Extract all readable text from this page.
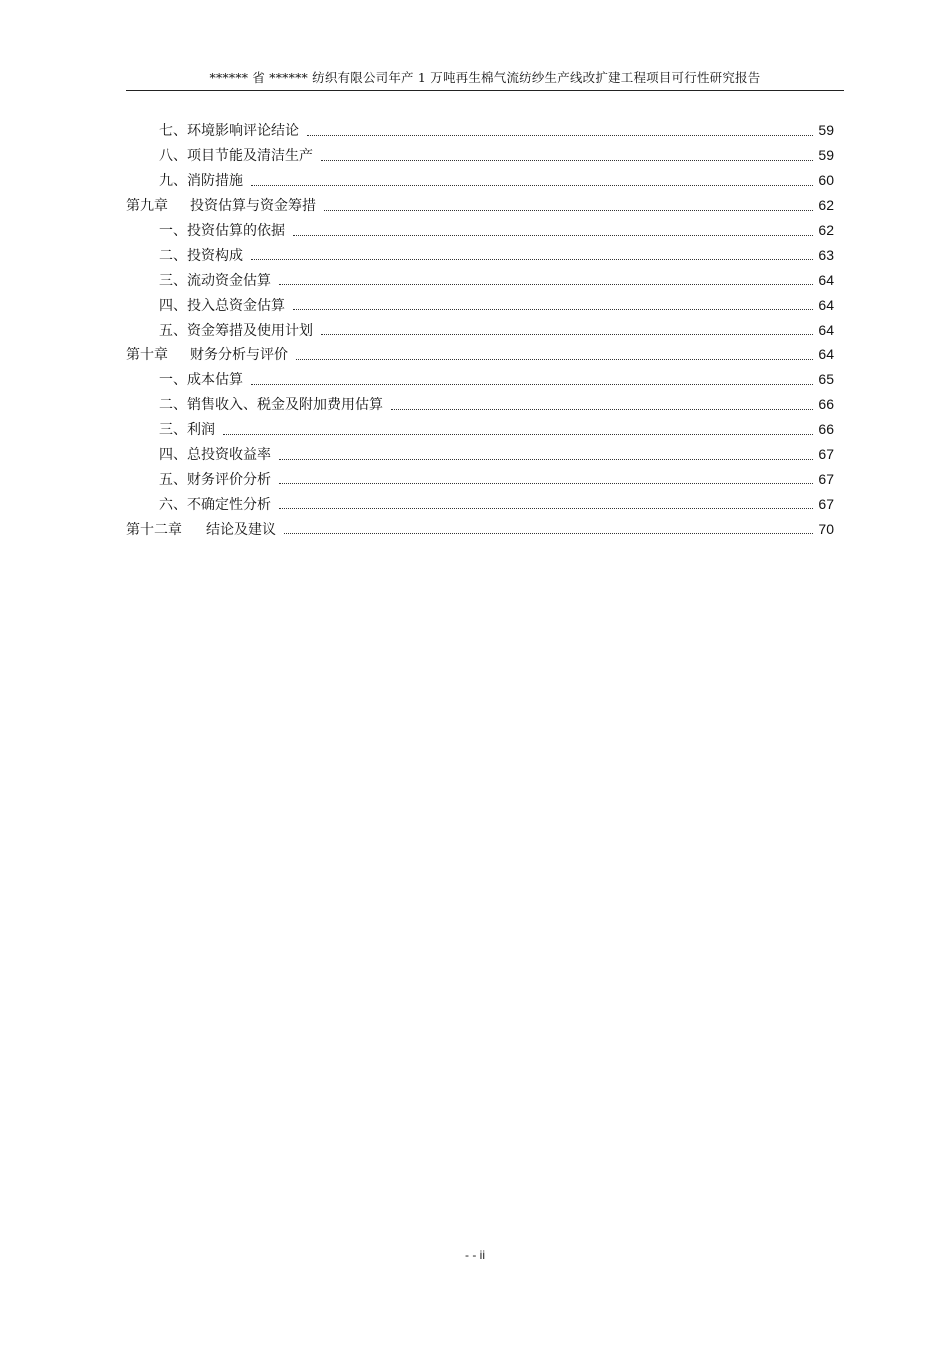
****** 省 ****** 纺织有限公司年产 1 万吨再生棉气流纺纱生产线改扩建工程项目可行性研究报告
七、环境影响评论结论	59
八、项目节能及清洁生产	59
九、消防措施	60
第九章 投资估算与资金筹措	62
一、投资估算的依据	62
二、投资构成	63
三、流动资金估算	64
四、投入总资金估算	64
五、资金筹措及使用计划	64
第十章 财务分析与评价	64
一、成本估算	65
二、销售收入、税金及附加费用估算	66
三、利润	66
四、总投资收益率	67
五、财务评价分析	67
六、不确定性分析	67
第十二章 结论及建议	70
- - ii
